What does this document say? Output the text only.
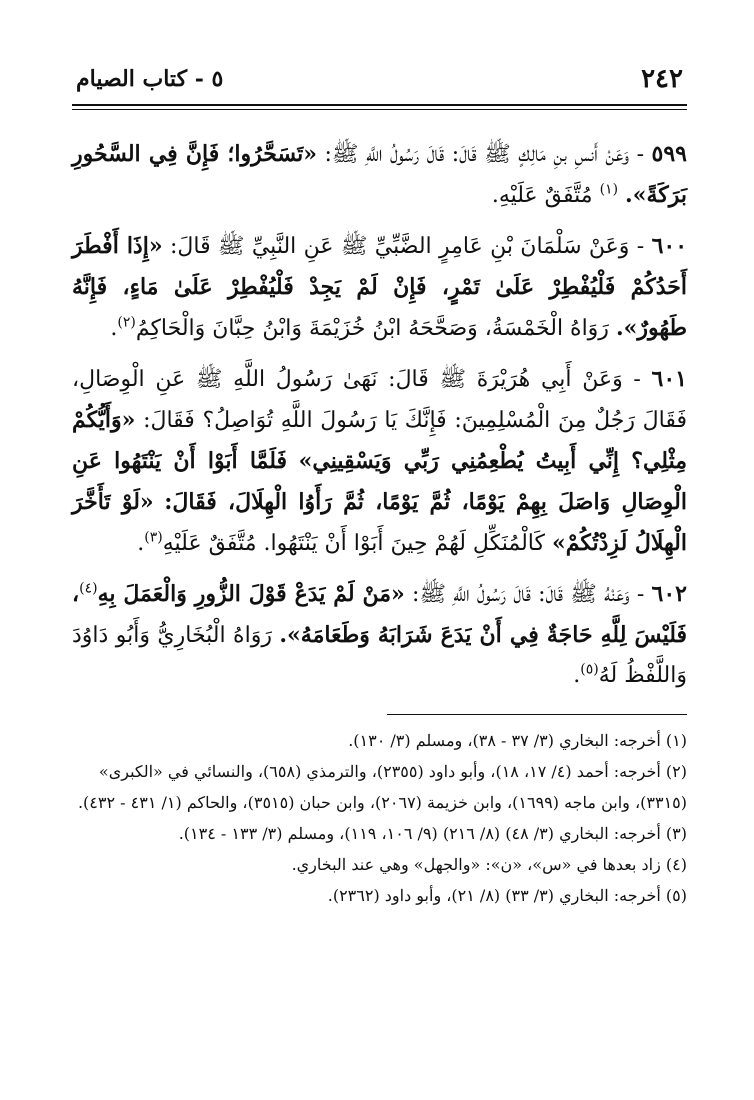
٢٤٢
٥ - كتاب الصيام

٥٩٩ - وَعَنْ أَنسِ بنِ مَالِكٍ ﷺ قَالَ: قَالَ رَسُولُ اللَّهِ ﷺ: «تَسَحَّرُوا؛ فَإِنَّ فِي السَّحُورِ بَرَكَةً». $^{(١)}$ مُتَّفَقٌ عَلَيْهِ.

٦٠٠ - وَعَنْ سَلْمَانَ بْنِ عَامِرٍ الضَّبِّيِّ ﷺ عَنِ النَّبِيِّ ﷺ قَالَ: «إِذَا أَفْطَرَ أَحَدُكُمْ فَلْيُفْطِرْ عَلَىٰ تَمْرٍ، فَإِنْ لَمْ يَجِدْ فَلْيُفْطِرْ عَلَىٰ مَاءٍ، فَإِنَّهُ طَهُورٌ». رَوَاهُ الْخَمْسَةُ، وَصَحَّحَهُ ابْنُ خُزَيْمَةَ وَابْنُ حِبَّانَ وَالْحَاكِمُ$^{(٢)}$.

٦٠١ - وَعَنْ أَبِي هُرَيْرَةَ ﷺ قَالَ: نَهَىٰ رَسُولُ اللَّهِ ﷺ عَنِ الْوِصَالِ، فَقَالَ رَجُلٌ مِنَ الْمُسْلِمِينَ: فَإِنَّكَ يَا رَسُولَ اللَّهِ تُوَاصِلُ؟ فَقَالَ: «وَأَيُّكُمْ مِثْلِي؟ إِنِّي أَبِيتُ يُطْعِمُنِي رَبِّي وَيَسْقِينِي» فَلَمَّا أَبَوْا أَنْ يَنْتَهُوا عَنِ الْوِصَالِ وَاصَلَ بِهِمْ يَوْمًا، ثُمَّ يَوْمًا، ثُمَّ رَأَوُا الْهِلَالَ، فَقَالَ: «لَوْ تَأَخَّرَ الْهِلَالُ لَزِدْتُكُمْ» كَالْمُنَكِّلِ لَهُمْ حِينَ أَبَوْا أَنْ يَنْتَهُوا. مُتَّفَقٌ عَلَيْهِ$^{(٣)}$.

٦٠٢ - وَعَنْهُ ﷺ قَالَ: قَالَ رَسُولُ اللَّهِ ﷺ: «مَنْ لَمْ يَدَعْ قَوْلَ الزُّورِ وَالْعَمَلَ بِهِ$^{(٤)}$، فَلَيْسَ لِلَّهِ حَاجَةٌ فِي أَنْ يَدَعَ شَرَابَهُ وَطَعَامَهُ». رَوَاهُ الْبُخَارِيُّ وَأَبُو دَاوُدَ وَاللَّفْظُ لَهُ$^{(٥)}$.

(١) أخرجه: البخاري (٣/ ٣٧ - ٣٨)، ومسلم (٣/ ١٣٠).

(٢) أخرجه: أحمد (٤/ ١٧، ١٨)، وأبو داود (٢٣٥٥)، والترمذي (٦٥٨)، والنسائي في «الكبرى» (٣٣١٥)، وابن ماجه (١٦٩٩)، وابن خزيمة (٢٠٦٧)، وابن حبان (٣٥١٥)، والحاكم (١/ ٤٣١ - ٤٣٢).

(٣) أخرجه: البخاري (٣/ ٤٨) (٨/ ٢١٦) (٩/ ١٠٦، ١١٩)، ومسلم (٣/ ١٣٣ - ١٣٤).

(٤) زاد بعدها في «س»، «ن»: «والجهل» وهي عند البخاري.

(٥) أخرجه: البخاري (٣/ ٣٣) (٨/ ٢١)، وأبو داود (٢٣٦٢).
